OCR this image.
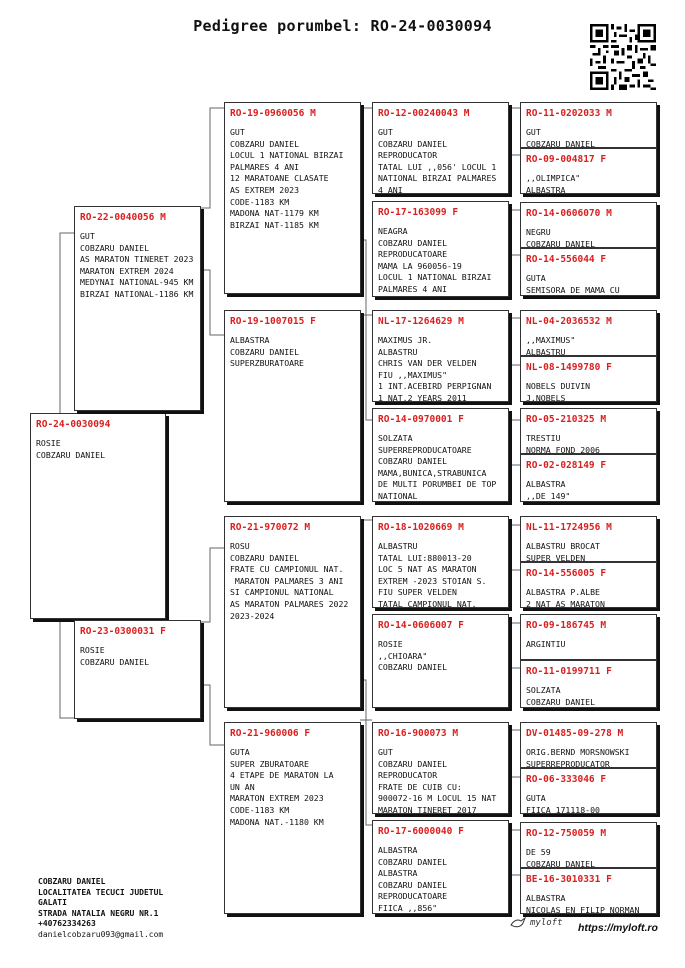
Pedigree porumbel: RO-24-0030094
RO-24-0030094
ROSIE
COBZARU DANIEL
RO-22-0040056 M
GUT
COBZARU DANIEL
AS MARATON TINERET 2023
MARATON EXTREM 2024
MEDYNAI NATIONAL-945 KM
BIRZAI NATIONAL-1186 KM
RO-23-0300031 F
ROSIE
COBZARU DANIEL
RO-19-0960056 M
GUT
COBZARU DANIEL
LOCUL 1 NATIONAL BIRZAI
PALMARES 4 ANI
12 MARATOANE CLASATE
AS EXTREM 2023
CODE-1183 KM
MADONA NAT-1179 KM
BIRZAI NAT-1185 KM
RO-19-1007015 F
ALBASTRA
COBZARU DANIEL
SUPERZBURATOARE
RO-21-970072 M
ROSU
COBZARU DANIEL
FRATE CU CAMPIONUL NAT.
MARATON PALMARES 3 ANI
SI CAMPIONUL NATIONAL
AS MARATON PALMARES 2022
2023-2024
RO-21-960006 F
GUTA
SUPER ZBURATOARE
4 ETAPE DE MARATON LA
UN AN
MARATON EXTREM 2023
CODE-1183 KM
MADONA NAT.-1180 KM
RO-12-00240043 M
GUT
COBZARU DANIEL
REPRODUCATOR
TATAL LUI ,,056' LOCUL 1
NATIONAL BIRZAI PALMARES
4 ANI
RO-17-163099 F
NEAGRA
COBZARU DANIEL
REPRODUCATOARE
MAMA LA 960056-19
LOCUL 1 NATIONAL BIRZAI
PALMARES 4 ANI
NL-17-1264629 M
MAXIMUS JR.
ALBASTRU
CHRIS VAN DER VELDEN
FIU ,,MAXIMUS"
1 INT.ACEBIRD PERPIGNAN
1 NAT.2 YEARS 2011
RO-14-0970001 F
SOLZATA
SUPERREPRODUCATOARE
COBZARU DANIEL
MAMA,BUNICA,STRABUNICA
DE MULTI PORUMBEI DE TOP
NATIONAL
RO-18-1020669 M
ALBASTRU
TATAL LUI:880013-20
LOC 5 NAT AS MARATON
EXTREM -2023 STOIAN S.
FIU SUPER VELDEN
TATAL CAMPIONUL NAT.
RO-14-0606007 F
ROSIE
,,CHIOARA"
COBZARU DANIEL
RO-16-900073 M
GUT
COBZARU DANIEL
REPRODUCATOR
FRATE DE CUIB CU:
900072-16 M LOCUL 15 NAT
MARATON TINERET 2017
RO-17-6000040 F
ALBASTRA
COBZARU DANIEL
ALBASTRA
COBZARU DANIEL
REPRODUCATOARE
FIICA ,,856"
RO-11-0202033 M
GUT
COBZARU DANIEL
RO-09-004817 F
,,OLIMPICA"
ALBASTRA
RO-14-0606070 M
NEGRU
COBZARU DANIEL
RO-14-556044 F
GUTA
SEMISORA DE MAMA CU
NL-04-2036532 M
,,MAXIMUS"
ALBASTRU
NL-08-1499780 F
NOBELS DUIVIN
J.NOBELS
RO-05-210325 M
TRESTIU
NORMA FOND 2006
RO-02-028149 F
ALBASTRA
,,DE 149"
NL-11-1724956 M
ALBASTRU BROCAT
SUPER VELDEN
RO-14-556005 F
ALBASTRA P.ALBE
2 NAT AS MARATON
RO-09-186745 M
ARGINTIU
RO-11-0199711 F
SOLZATA
COBZARU DANIEL
DV-01485-09-278 M
ORIG.BERND MORSNOWSKI
SUPERREPRODUCATOR
RO-06-333046 F
GUTA
FIICA 171118-00
RO-12-750059 M
DE 59
COBZARU DANIEL
BE-16-3010331 F
ALBASTRA
NICOLAS EN FILIP NORMAN
COBZARU DANIEL
LOCALITATEA TECUCI JUDETUL
GALATI
STRADA NATALIA NEGRU NR.1
+40762334263
danielcobzaru093@gmail.com
myloft https://myloft.ro
